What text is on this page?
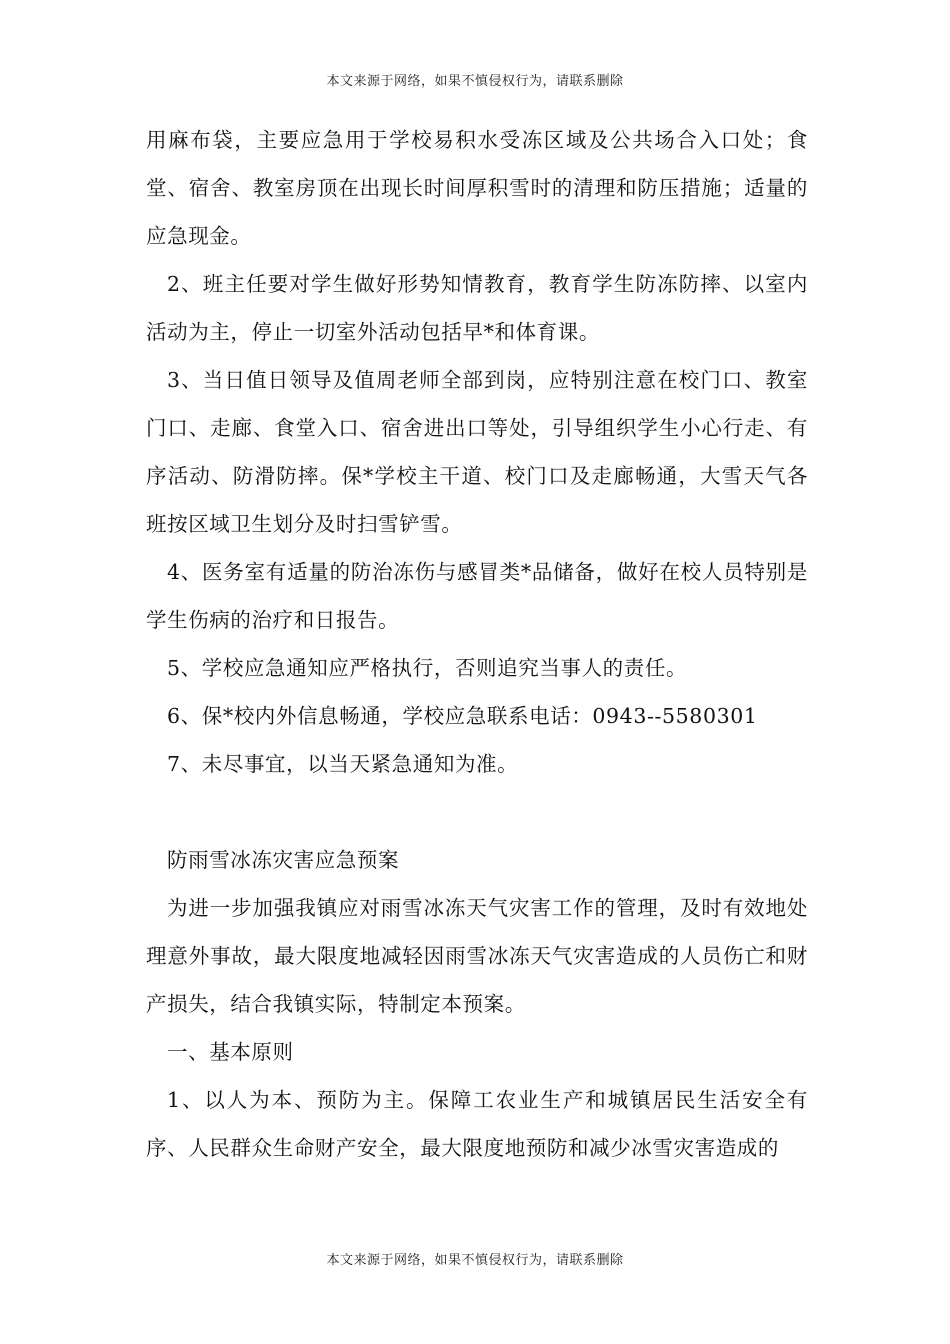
本文来源于网络，如果不慎侵权行为，请联系删除

用麻布袋，主要应急用于学校易积水受冻区域及公共场合入口处；食堂、宿舍、教室房顶在出现长时间厚积雪时的清理和防压措施；适量的应急现金。

2、班主任要对学生做好形势知情教育，教育学生防冻防摔、以室内活动为主，停止一切室外活动包括早*和体育课。

3、当日值日领导及值周老师全部到岗，应特别注意在校门口、教室门口、走廊、食堂入口、宿舍进出口等处，引导组织学生小心行走、有序活动、防滑防摔。保*学校主干道、校门口及走廊畅通，大雪天气各班按区域卫生划分及时扫雪铲雪。

4、医务室有适量的防治冻伤与感冒类*品储备，做好在校人员特别是学生伤病的治疗和日报告。

5、学校应急通知应严格执行，否则追究当事人的责任。

6、保*校内外信息畅通，学校应急联系电话：0943--5580301

7、未尽事宜，以当天紧急通知为准。

防雨雪冰冻灾害应急预案

为进一步加强我镇应对雨雪冰冻天气灾害工作的管理，及时有效地处理意外事故，最大限度地减轻因雨雪冰冻天气灾害造成的人员伤亡和财产损失，结合我镇实际，特制定本预案。

一、基本原则

1、以人为本、预防为主。保障工农业生产和城镇居民生活安全有序、人民群众生命财产安全，最大限度地预防和减少冰雪灾害造成的

本文来源于网络，如果不慎侵权行为，请联系删除
